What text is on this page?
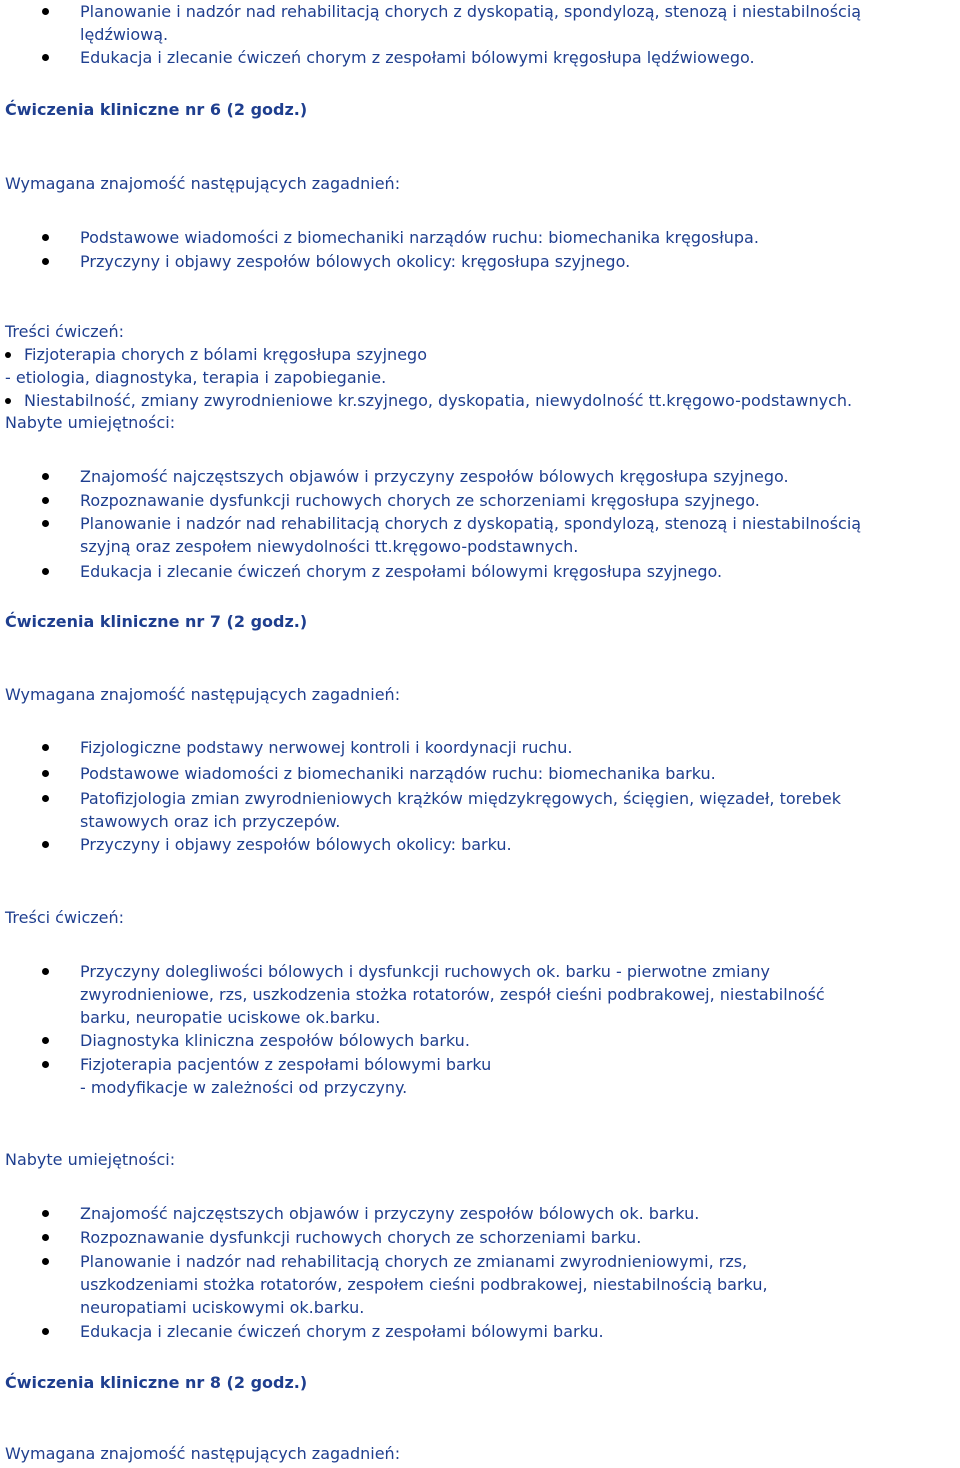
Planowanie i nadzór nad rehabilitacją chorych z dyskopatią, spondylozą, stenozą i niestabilnością
lędźwiową.
Edukacja i zlecanie ćwiczeń chorym z zespołami bólowymi kręgosłupa lędźwiowego.
Ćwiczenia kliniczne nr 6 (2 godz.)
Wymagana znajomość następujących zagadnień:
Podstawowe wiadomości z biomechaniki narządów ruchu: biomechanika kręgosłupa.
Przyczyny i objawy zespołów bólowych okolicy: kręgosłupa szyjnego.
Treści ćwiczeń:
Fizjoterapia chorych z bólami kręgosłupa szyjnego
- etiologia, diagnostyka, terapia i zapobieganie.
Niestabilność, zmiany zwyrodnieniowe kr.szyjnego, dyskopatia, niewydolność tt.kręgowo-podstawnych.
Nabyte umiejętności:
Znajomość najczęstszych objawów i przyczyny zespołów bólowych kręgosłupa szyjnego.
Rozpoznawanie dysfunkcji ruchowych chorych ze schorzeniami kręgosłupa szyjnego.
Planowanie i nadzór nad rehabilitacją chorych z dyskopatią, spondylozą, stenozą i niestabilnością
szyjną oraz zespołem niewydolności tt.kręgowo-podstawnych.
Edukacja i zlecanie ćwiczeń chorym z zespołami bólowymi kręgosłupa szyjnego.
Ćwiczenia kliniczne nr 7 (2 godz.)
Wymagana znajomość następujących zagadnień:
Fizjologiczne podstawy nerwowej kontroli i koordynacji ruchu.
Podstawowe wiadomości z biomechaniki narządów ruchu: biomechanika barku.
Patofizjologia zmian zwyrodnieniowych krążków międzykręgowych, ścięgien, więzadeł, torebek
stawowych oraz ich przyczepów.
Przyczyny i objawy zespołów bólowych okolicy: barku.
Treści ćwiczeń:
Przyczyny dolegliwości bólowych i dysfunkcji ruchowych ok. barku - pierwotne zmiany
zwyrodnieniowe, rzs, uszkodzenia stożka rotatorów, zespół cieśni podbrakowej, niestabilność
barku, neuropatie uciskowe ok.barku.
Diagnostyka kliniczna zespołów bólowych barku.
Fizjoterapia pacjentów z zespołami bólowymi barku
- modyfikacje w zależności od przyczyny.
Nabyte umiejętności:
Znajomość najczęstszych objawów i przyczyny zespołów bólowych ok. barku.
Rozpoznawanie dysfunkcji ruchowych chorych ze schorzeniami barku.
Planowanie i nadzór nad rehabilitacją chorych ze zmianami zwyrodnieniowymi, rzs,
uszkodzeniami stożka rotatorów, zespołem cieśni podbrakowej, niestabilnością barku,
neuropatiami uciskowymi ok.barku.
Edukacja i zlecanie ćwiczeń chorym z zespołami bólowymi barku.
Ćwiczenia kliniczne nr 8 (2 godz.)
Wymagana znajomość następujących zagadnień:
